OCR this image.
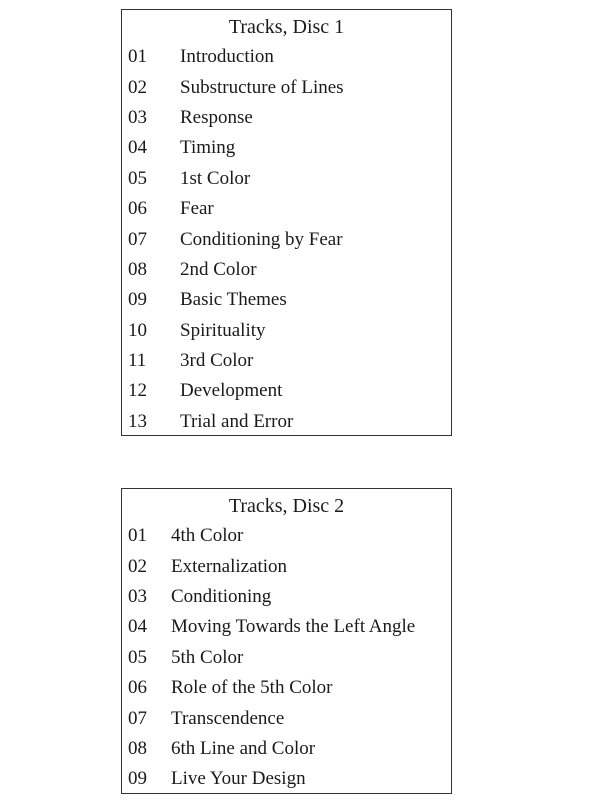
Tracks, Disc 1
01	Introduction
02	Substructure of Lines
03	Response
04	Timing
05	1st Color
06	Fear
07	Conditioning by Fear
08	2nd Color
09	Basic Themes
10	Spirituality
11	3rd Color
12	Development
13	Trial and Error
Tracks, Disc 2
01	4th Color
02	Externalization
03	Conditioning
04	Moving Towards the Left Angle
05	5th Color
06	Role of the 5th Color
07	Transcendence
08	6th Line and Color
09	Live Your Design
